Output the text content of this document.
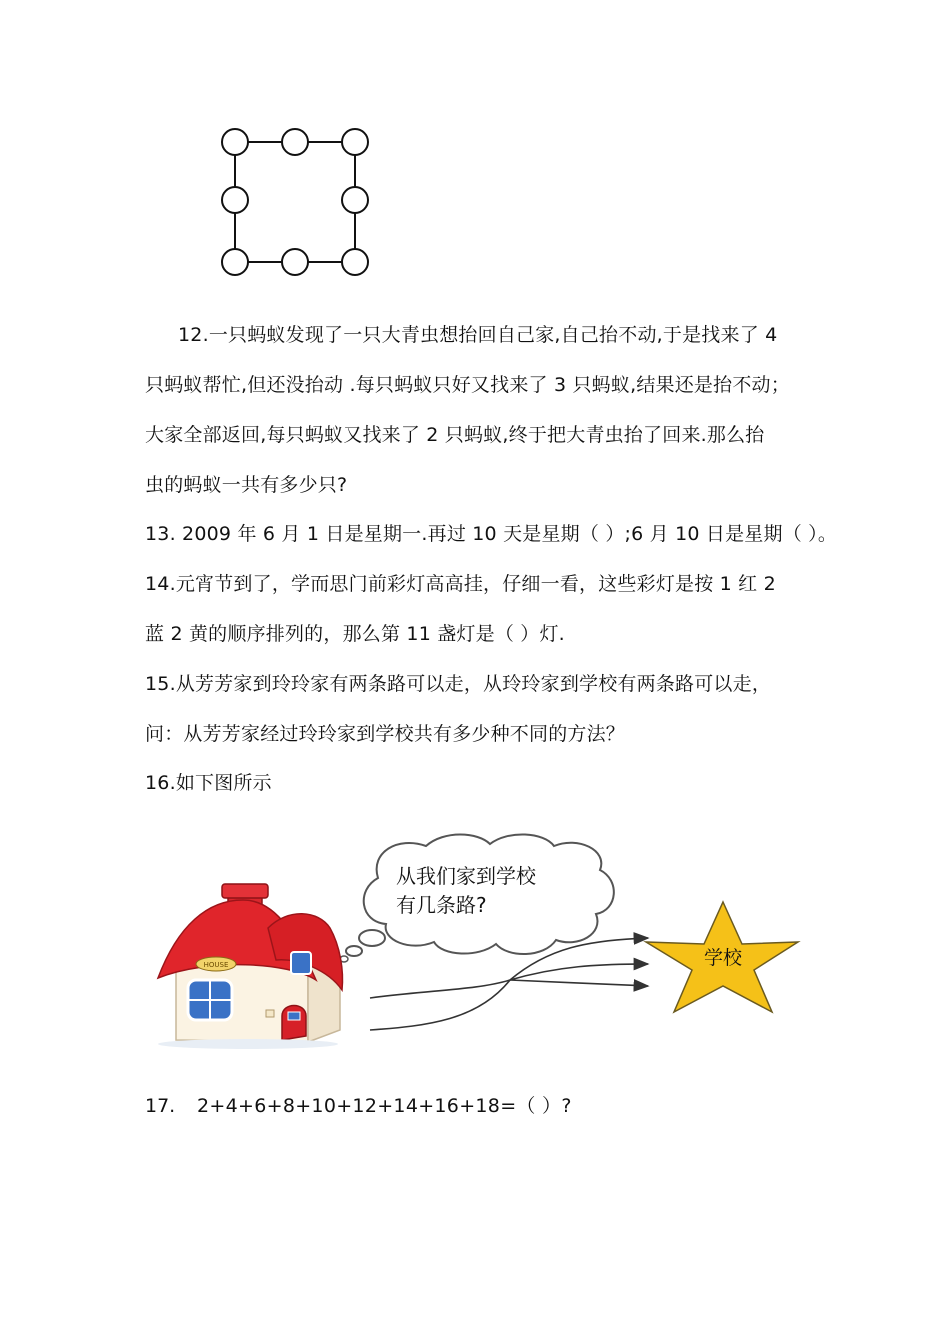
12.一只蚂蚁发现了一只大青虫想抬回自己家,自己抬不动,于是找来了 4
只蚂蚁帮忙,但还没抬动 .每只蚂蚁只好又找来了 3 只蚂蚁,结果还是抬不动；
大家全部返回,每只蚂蚁又找来了 2 只蚂蚁,终于把大青虫抬了回来.那么抬
虫的蚂蚁一共有多少只?
13. 2009 年 6 月 1 日是星期一.再过 10 天是星期（ ）;6 月 10 日是星期（ ）。
14.元宵节到了，学而思门前彩灯高高挂，仔细一看，这些彩灯是按 1 红 2
蓝 2 黄的顺序排列的，那么第 11 盏灯是（ ）灯.
15.从芳芳家到玲玲家有两条路可以走，从玲玲家到学校有两条路可以走，
问：从芳芳家经过玲玲家到学校共有多少种不同的方法？
16.如下图所示
从我们家到学校
有几条路?
HOUSE	学校
17. 2+4+6+8+10+12+14+16+18=（ ）?
